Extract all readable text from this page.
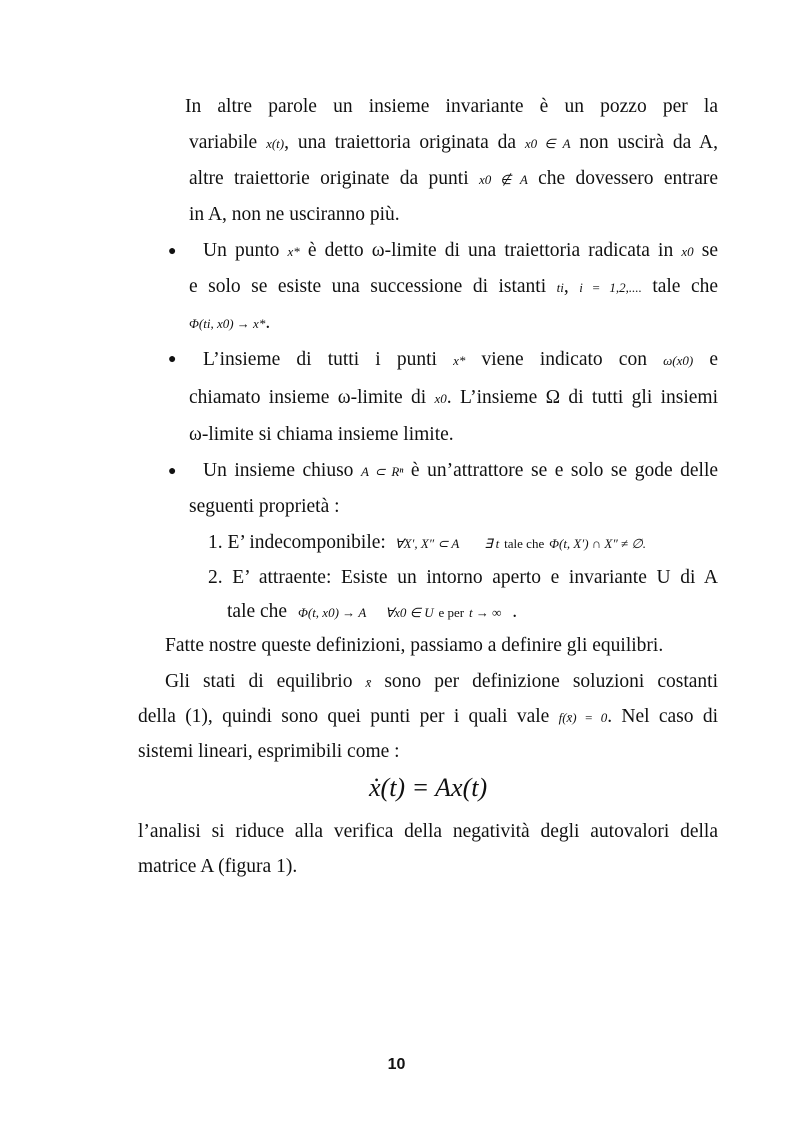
In altre parole un insieme invariante è un pozzo per la
variabile x(t), una traiettoria originata da x0 ∈ A non uscirà da A,
altre traiettorie originate da punti x0 ∉ A che dovessero entrare
in A, non ne usciranno più.
● Un punto x* è detto ω-limite di una traiettoria radicata in x0 se
e solo se esiste una successione di istanti ti, i = 1,2,.... tale che
Φ(ti, x0) → x*.
● L’insieme di tutti i punti x* viene indicato con ω(x0) e
chiamato insieme ω-limite di x0. L’insieme Ω di tutti gli insiemi
ω-limite si chiama insieme limite.
● Un insieme chiuso A ⊂ Rⁿ è un’attrattore se e solo se gode delle
seguenti proprietà :
1. E’ indecomponibile: ∀X′, X″ ⊂ A ∃ t tale che Φ(t, X′) ∩ X″ ≠ ∅.
2. E’ attraente: Esiste un intorno aperto e invariante U di A
tale che Φ(t, x0) → A ∀x0 ∈ U e per t → ∞ .
Fatte nostre queste definizioni, passiamo a definire gli equilibri.
Gli stati di equilibrio x̄ sono per definizione soluzioni costanti
della (1), quindi sono quei punti per i quali vale f(x̄) = 0. Nel caso di
sistemi lineari, esprimibili come :
ẋ(t) = Ax(t)
l’analisi si riduce alla verifica della negatività degli autovalori della
matrice A (figura 1).
10
